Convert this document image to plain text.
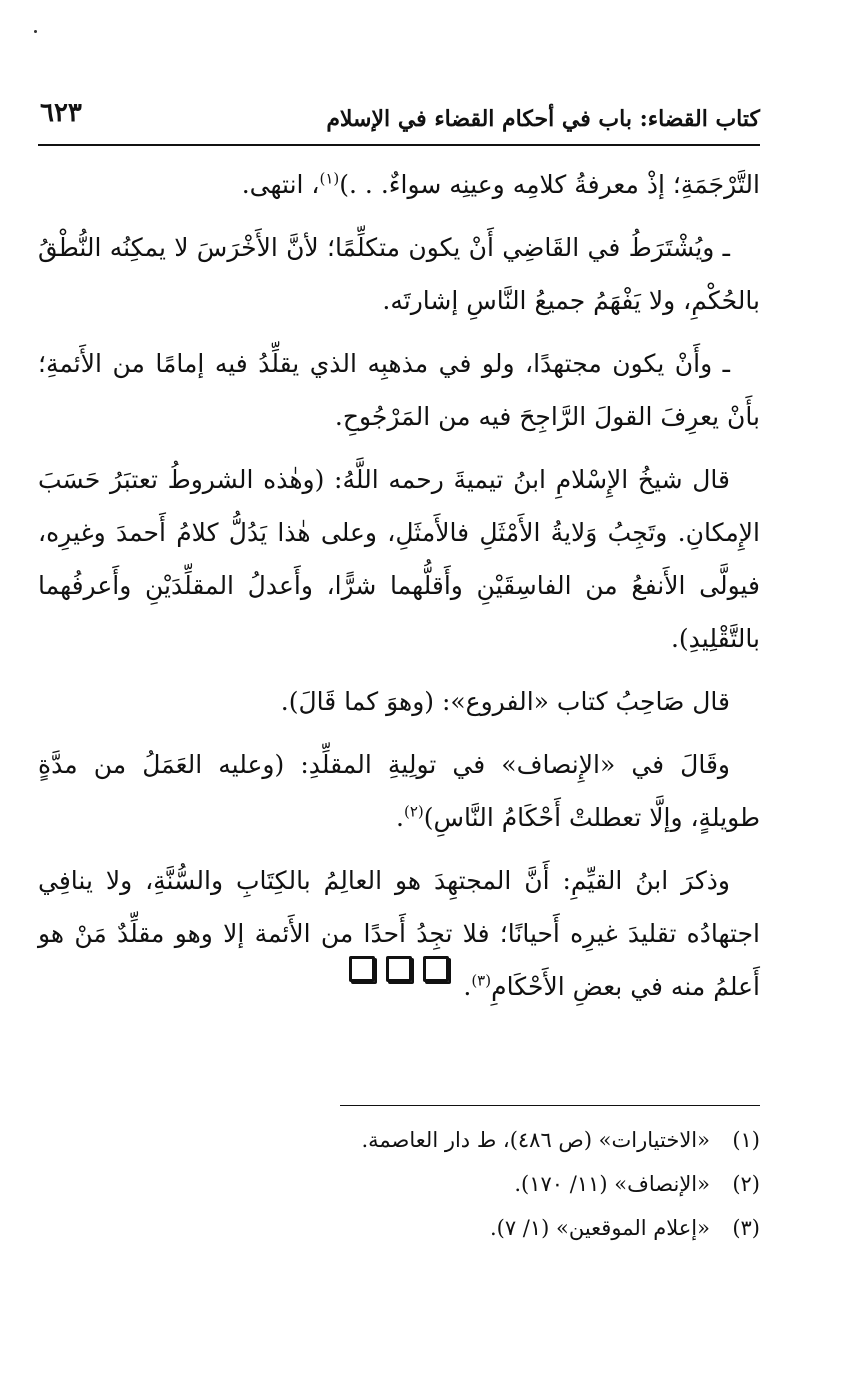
كتاب القضاء: باب في أحكام القضاء في الإسلام
٦٢٣

التَّرْجَمَةِ؛ إذْ معرفةُ كلامِه وعينِه سواءٌ. . .)$^{(١)}$، انتهى.

ـ ويُشْتَرَطُ في القَاضِي أَنْ يكون متكلِّمًا؛ لأنَّ الأَخْرَسَ لا يمكِنُه النُّطْقُ بالحُكْمِ، ولا يَفْهَمُ جميعُ النَّاسِ إشارتَه.

ـ وأَنْ يكون مجتهدًا، ولو في مذهبِه الذي يقلِّدُ فيه إمامًا من الأَئمةِ؛ بأَنْ يعرِفَ القولَ الرَّاجِحَ فيه من المَرْجُوحِ.

قال شيخُ الإِسْلامِ ابنُ تيميةَ رحمه اللَّهُ: (وهٰذه الشروطُ تعتبَرُ حَسَبَ الإِمكانِ. وتَجِبُ وَلايةُ الأَمْثَلِ فالأَمثَلِ، وعلى هٰذا يَدُلُّ كلامُ أَحمدَ وغيرِه، فيولَّى الأَنفعُ من الفاسِقَيْنِ وأَقلُّهما شرًّا، وأَعدلُ المقلِّدَيْنِ وأَعرفُهما بالتَّقْلِيدِ).

قال صَاحِبُ كتاب «الفروع»: (وهوَ كما قَالَ).

وقَالَ في «الإِنصاف» في تولِيةِ المقلِّدِ: (وعليه العَمَلُ من مدَّةٍ طويلةٍ، وإلَّا تعطلتْ أَحْكَامُ النَّاسِ)$^{(٢)}$.

وذكرَ ابنُ القيِّمِ: أَنَّ المجتهِدَ هو العالِمُ بالكِتَابِ والسُّنَّةِ، ولا ينافِي اجتهادُه تقليدَ غيرِه أَحيانًا؛ فلا تجِدُ أَحدًا من الأَئمة إلا وهو مقلِّدٌ مَنْ هو أَعلمُ منه في بعضِ الأَحْكَامِ$^{(٣)}$.

(١)
«الاختيارات» (ص ٤٨٦)، ط دار العاصمة.
(٢)
«الإنصاف» (١١/ ١٧٠).
(٣)
«إعلام الموقعين» (١/ ٧).
